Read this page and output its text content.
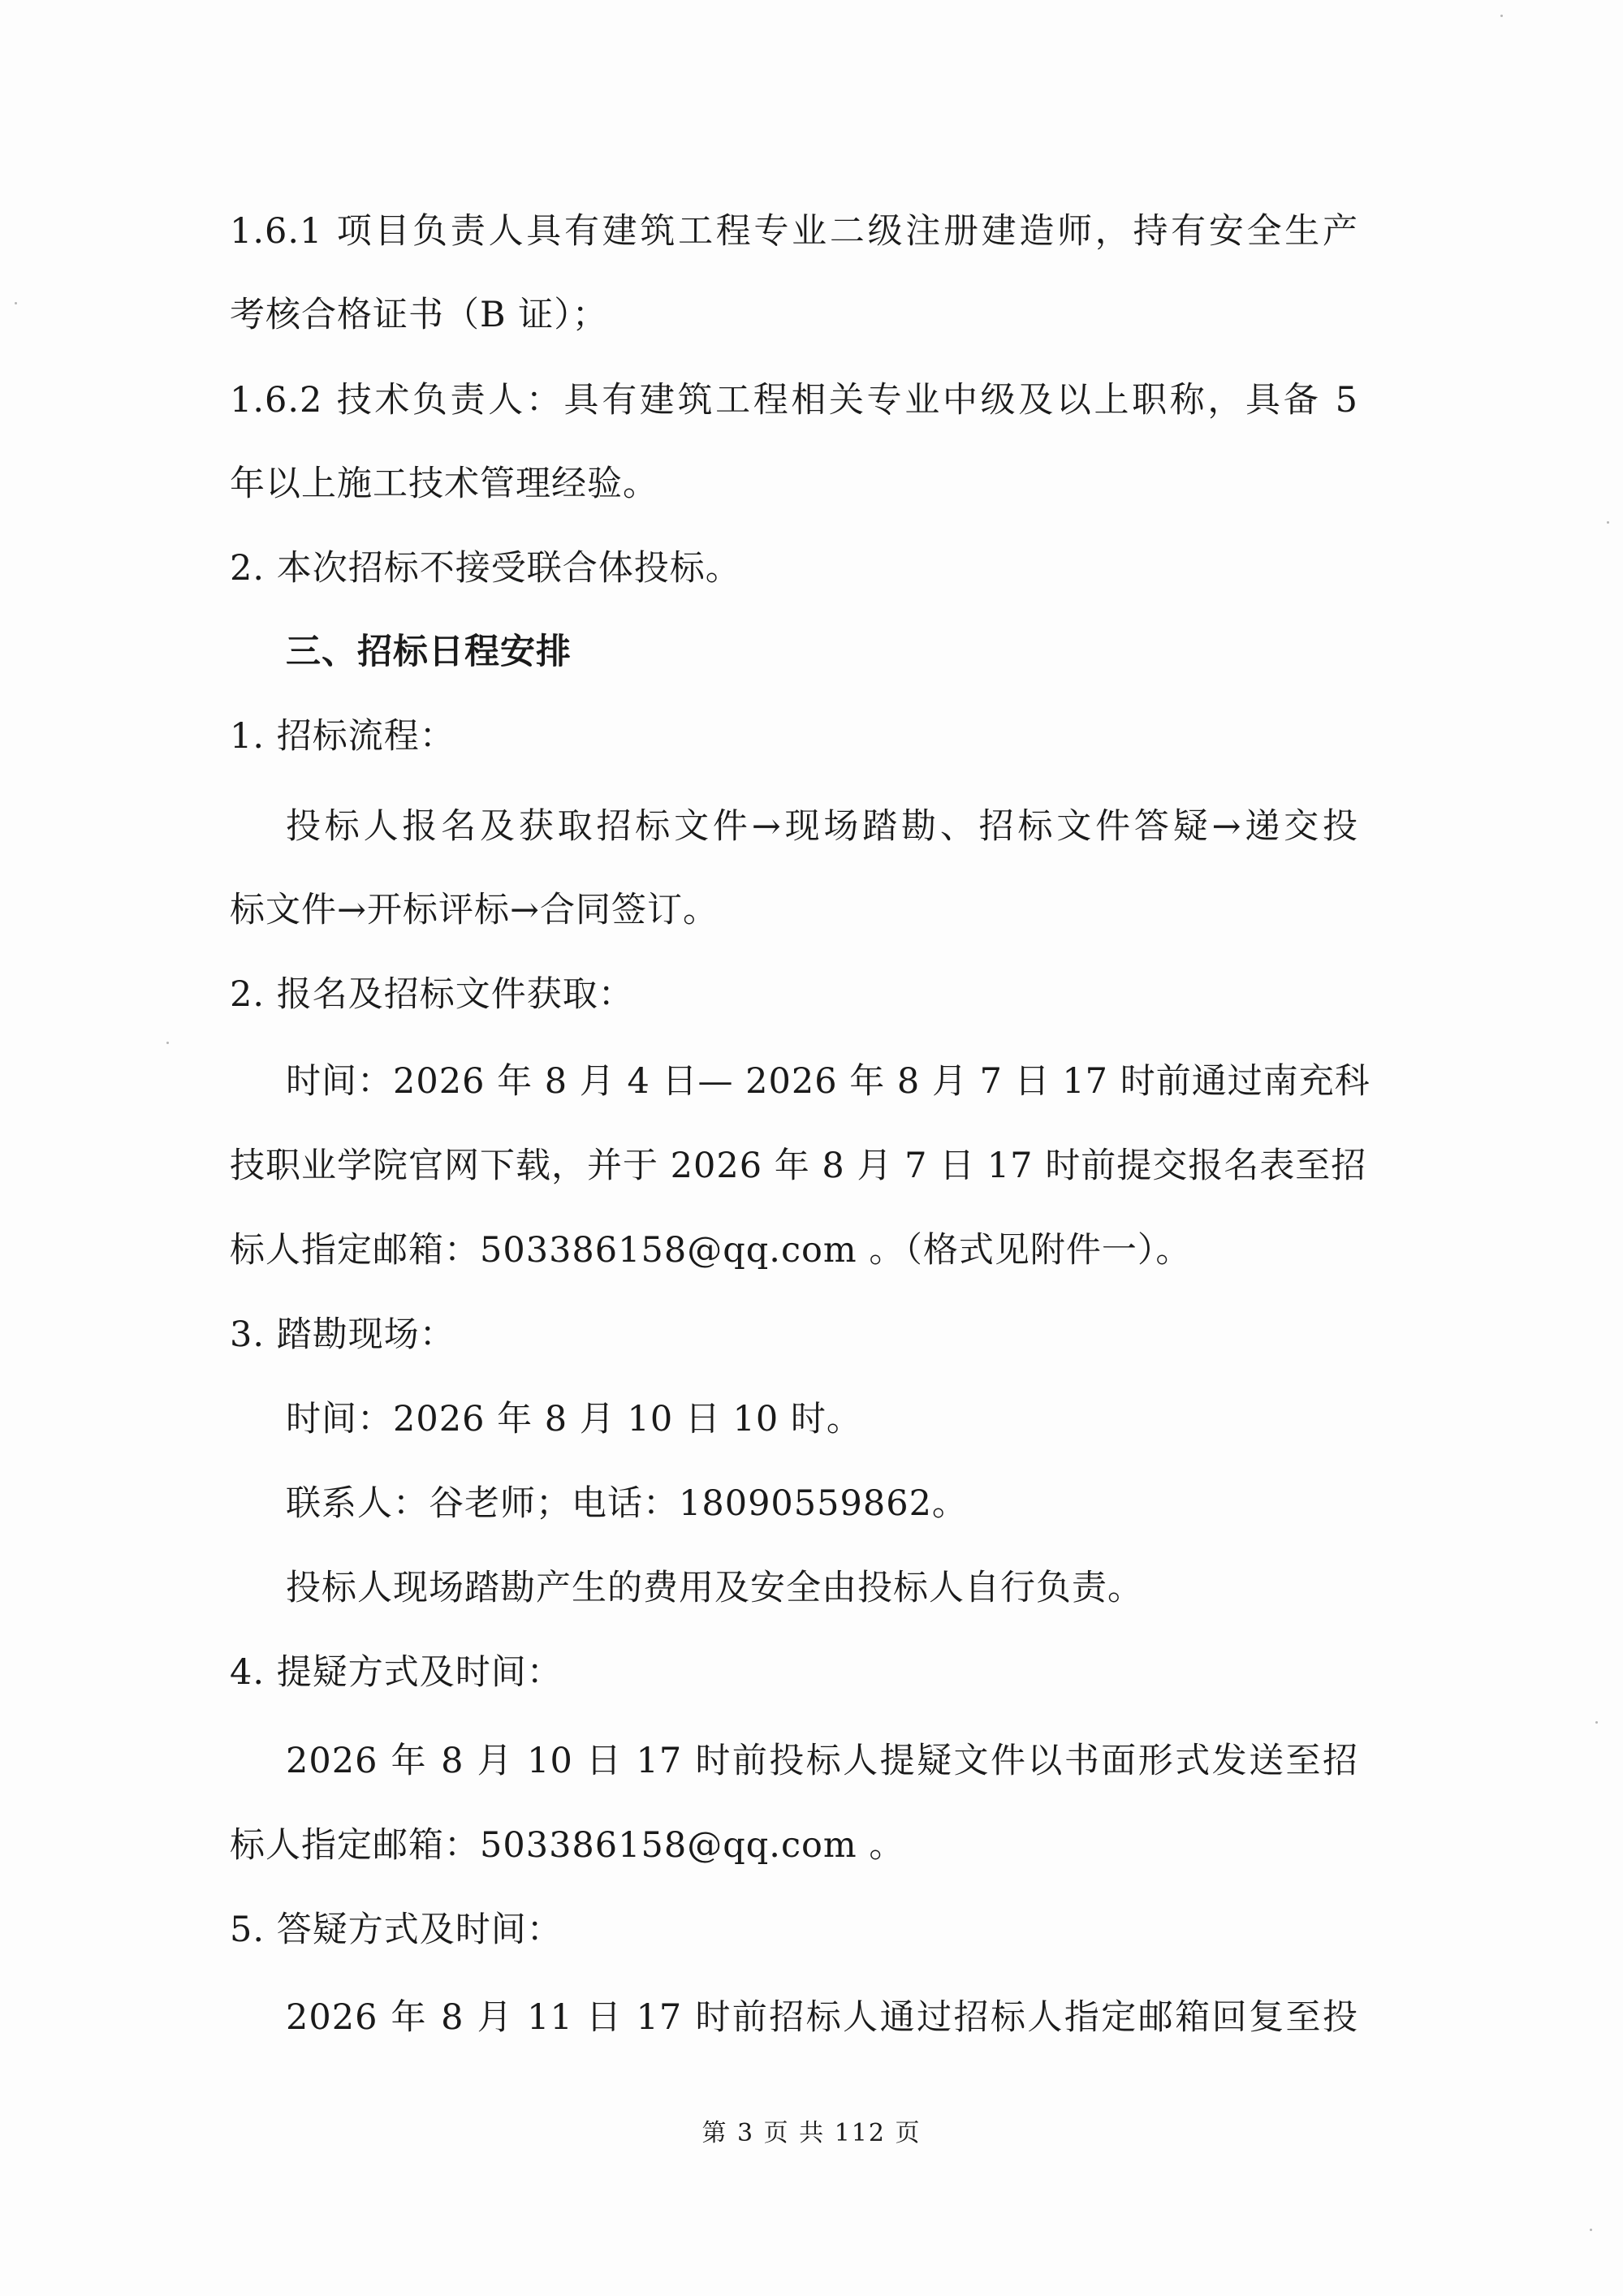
1.6.1 项目负责人具有建筑工程专业二级注册建造师，持有安全生产
考核合格证书（B 证）；
1.6.2 技术负责人：具有建筑工程相关专业中级及以上职称，具备 5
年以上施工技术管理经验。
2. 本次招标不接受联合体投标。
三、招标日程安排
1. 招标流程：
投标人报名及获取招标文件→现场踏勘、招标文件答疑→递交投
标文件→开标评标→合同签订。
2. 报名及招标文件获取：
时间：2026 年 8 月 4 日— 2026 年 8 月 7 日 17 时前通过南充科
技职业学院官网下载，并于 2026 年 8 月 7 日 17 时前提交报名表至招
标人指定邮箱：503386158@qq.com 。（格式见附件一）。
3. 踏勘现场：
时间：2026 年 8 月 10 日 10 时。
联系人：谷老师；电话：18090559862。
投标人现场踏勘产生的费用及安全由投标人自行负责。
4. 提疑方式及时间：
2026 年 8 月 10 日 17 时前投标人提疑文件以书面形式发送至招
标人指定邮箱：503386158@qq.com 。
5. 答疑方式及时间：
2026 年 8 月 11 日 17 时前招标人通过招标人指定邮箱回复至投
第 3 页 共 112 页
